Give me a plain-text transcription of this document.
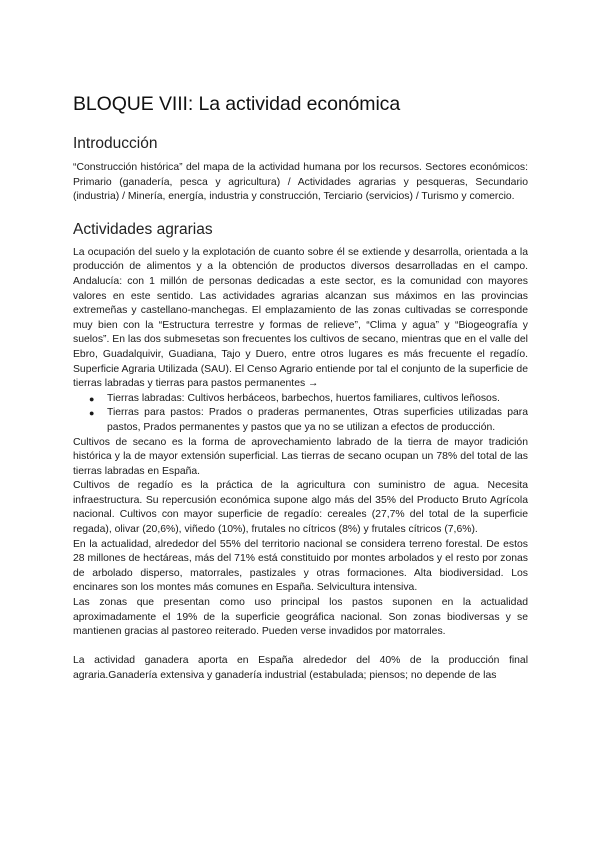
BLOQUE VIII: La actividad económica
Introducción

“Construcción histórica” del mapa de la actividad humana por los recursos. Sectores económicos: Primario (ganadería, pesca y agricultura) / Actividades agrarias y pesqueras, Secundario (industria) / Minería, energía, industria y construcción, Terciario (servicios) / Turismo y comercio.

Actividades agrarias

La ocupación del suelo y la explotación de cuanto sobre él se extiende y desarrolla, orientada a la producción de alimentos y a la obtención de productos diversos desarrolladas en el campo. Andalucía: con 1 millón de personas dedicadas a este sector, es la comunidad con mayores valores en este sentido. Las actividades agrarias alcanzan sus máximos en las provincias extremeñas y castellano-manchegas. El emplazamiento de las zonas cultivadas se corresponde muy bien con la “Estructura terrestre y formas de relieve”, “Clima y agua” y “Biogeografía y suelos”. En las dos submesetas son frecuentes los cultivos de secano, mientras que en el valle del Ebro, Guadalquivir, Guadiana, Tajo y Duero, entre otros lugares es más frecuente el regadío. Superficie Agraria Utilizada (SAU). El Censo Agrario entiende por tal el conjunto de la superficie de tierras labradas y tierras para pastos permanentes →

● Tierras labradas: Cultivos herbáceos, barbechos, huertos familiares, cultivos leñosos.
● Tierras para pastos: Prados o praderas permanentes, Otras superficies utilizadas para pastos, Prados permanentes y pastos que ya no se utilizan a efectos de producción.

Cultivos de secano es la forma de aprovechamiento labrado de la tierra de mayor tradición histórica y la de mayor extensión superficial. Las tierras de secano ocupan un 78% del total de las tierras labradas en España.

Cultivos de regadío es la práctica de la agricultura con suministro de agua. Necesita infraestructura. Su repercusión económica supone algo más del 35% del Producto Bruto Agrícola nacional. Cultivos con mayor superficie de regadío: cereales (27,7% del total de la superficie regada), olivar (20,6%), viñedo (10%), frutales no cítricos (8%) y frutales cítricos (7,6%).

En la actualidad, alrededor del 55% del territorio nacional se considera terreno forestal. De estos 28 millones de hectáreas, más del 71% está constituido por montes arbolados y el resto por zonas de arbolado disperso, matorrales, pastizales y otras formaciones. Alta biodiversidad. Los encinares son los montes más comunes en España. Selvicultura intensiva.

Las zonas que presentan como uso principal los pastos suponen en la actualidad aproximadamente el 19% de la superficie geográfica nacional. Son zonas biodiversas y se mantienen gracias al pastoreo reiterado. Pueden verse invadidos por matorrales.

La actividad ganadera aporta en España alrededor del 40% de la producción final agraria.Ganadería extensiva y ganadería industrial (estabulada; piensos; no depende de las
